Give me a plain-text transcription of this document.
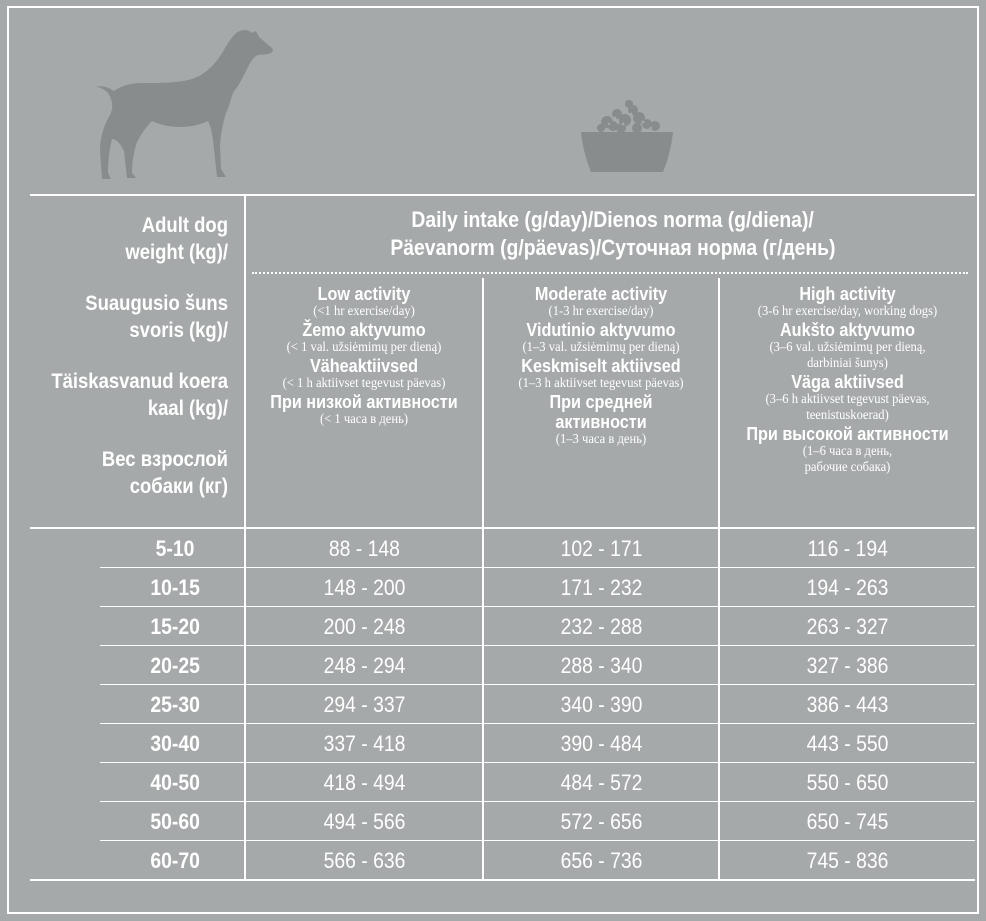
Adult dog
weight (kg)/
Suaugusio šuns
svoris (kg)/
Täiskasvanud koera
kaal (kg)/
Вес взрослой
собаки (кг)
Daily intake (g/day)/Dienos norma (g/diena)/
Päevanorm (g/päevas)/Суточная норма (г/день)
Low activity
(<1 hr exercise/day)
Žemo aktyvumo
(< 1 val. užsiėmimų per dieną)
Väheaktiivsed
(< 1 h aktiivset tegevust päevas)
При низкой активности
(< 1 часа в день)
Moderate activity
(1-3 hr exercise/day)
Vidutinio aktyvumo
(1–3 val. užsiėmimų per dieną)
Keskmiselt aktiivsed
(1–3 h aktiivset tegevust päevas)
При средней
активности
(1–3 часа в день)
High activity
(3-6 hr exercise/day, working dogs)
Aukšto aktyvumo
(3–6 val. užsiėmimų per dieną,
darbiniai šunys)
Väga aktiivsed
(3–6 h aktiivset tegevust päevas,
teenistuskoerad)
При высокой активности
(1–6 часа в день,
рабочие собака)
5-10	88 - 148	102 - 171	116 - 194
10-15	148 - 200	171 - 232	194 - 263
15-20	200 - 248	232 - 288	263 - 327
20-25	248 - 294	288 - 340	327 - 386
25-30	294 - 337	340 - 390	386 - 443
30-40	337 - 418	390 - 484	443 - 550
40-50	418 - 494	484 - 572	550 - 650
50-60	494 - 566	572 - 656	650 - 745
60-70	566 - 636	656 - 736	745 - 836
